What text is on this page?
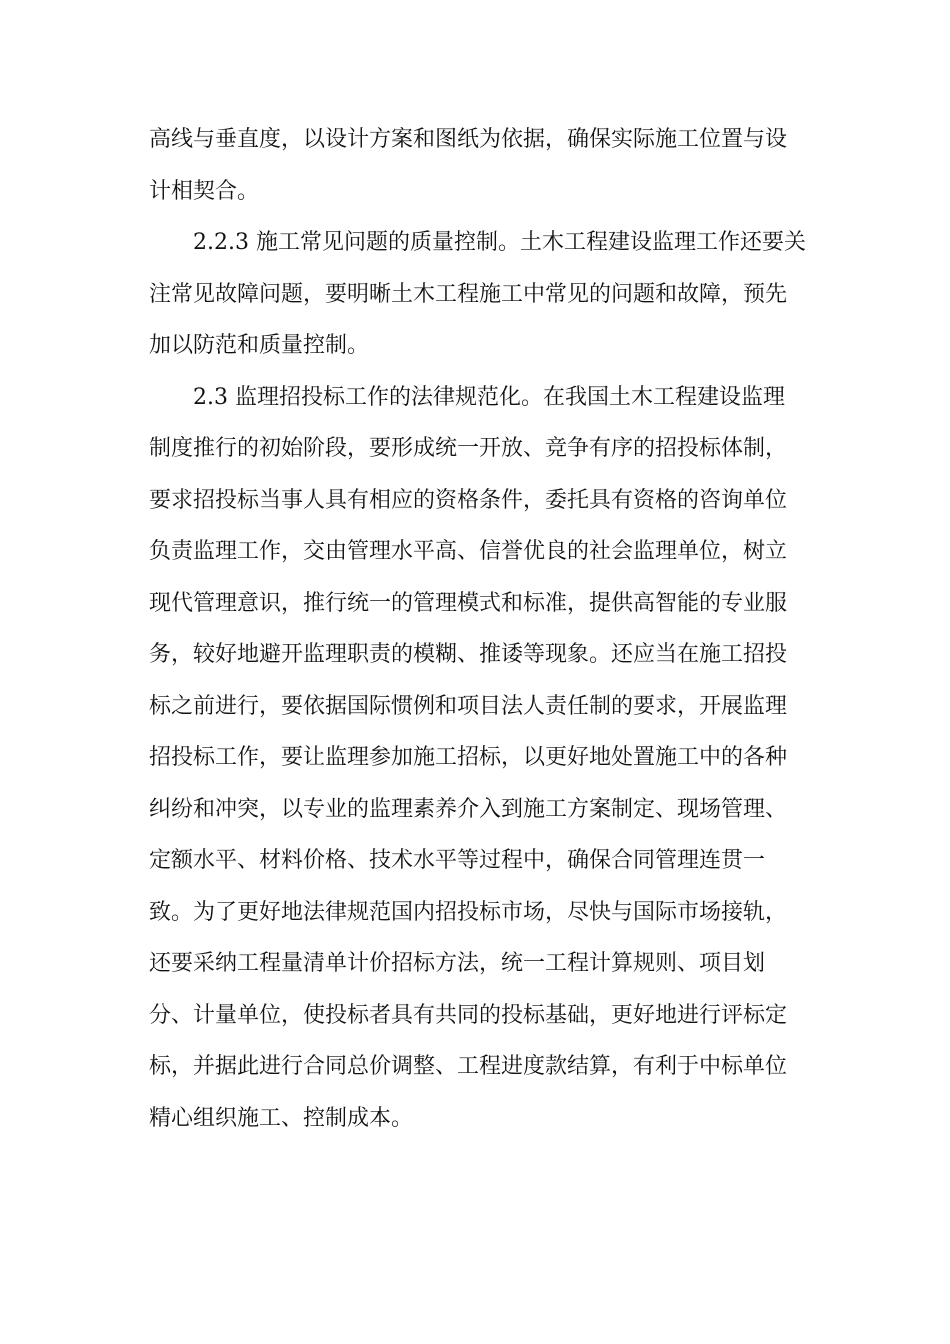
高线与垂直度，以设计方案和图纸为依据，确保实际施工位置与设
计相契合。
2.2.3 施工常见问题的质量控制。土木工程建设监理工作还要关
注常见故障问题，要明晰土木工程施工中常见的问题和故障，预先
加以防范和质量控制。
2.3 监理招投标工作的法律规范化。在我国土木工程建设监理
制度推行的初始阶段，要形成统一开放、竞争有序的招投标体制，
要求招投标当事人具有相应的资格条件，委托具有资格的咨询单位
负责监理工作，交由管理水平高、信誉优良的社会监理单位，树立
现代管理意识，推行统一的管理模式和标准，提供高智能的专业服
务，较好地避开监理职责的模糊、推诿等现象。还应当在施工招投
标之前进行，要依据国际惯例和项目法人责任制的要求，开展监理
招投标工作，要让监理参加施工招标，以更好地处置施工中的各种
纠纷和冲突，以专业的监理素养介入到施工方案制定、现场管理、
定额水平、材料价格、技术水平等过程中，确保合同管理连贯一
致。为了更好地法律规范国内招投标市场，尽快与国际市场接轨，
还要采纳工程量清单计价招标方法，统一工程计算规则、项目划
分、计量单位，使投标者具有共同的投标基础，更好地进行评标定
标，并据此进行合同总价调整、工程进度款结算，有利于中标单位
精心组织施工、控制成本。
